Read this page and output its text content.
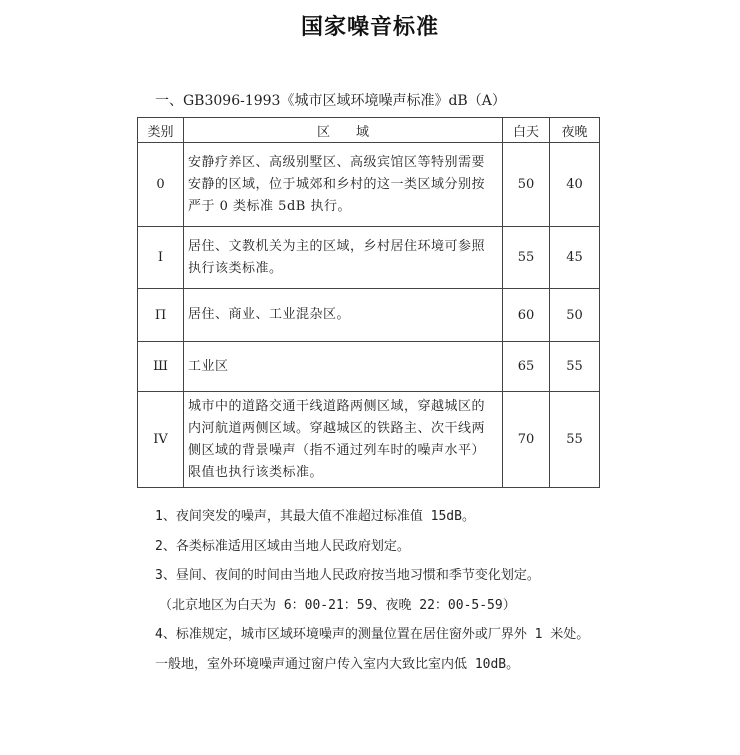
国家噪音标准
一、GB3096-1993《城市区域环境噪声标准》dB（A）
类别	区　　域	白天	夜晚
0	安静疗养区、高级别墅区、高级宾馆区等特别需要安静的区域，位于城郊和乡村的这一类区域分别按严于 0 类标准 5dB 执行。	50	40
I	居住、文教机关为主的区域，乡村居住环境可参照执行该类标准。	55	45
Π	居住、商业、工业混杂区。	60	50
Ш	工业区	65	55
IV	城市中的道路交通干线道路两侧区域，穿越城区的内河航道两侧区域。穿越城区的铁路主、次干线两侧区域的背景噪声（指不通过列车时的噪声水平）限值也执行该类标准。	70	55

1、夜间突发的噪声，其最大值不准超过标准值 15dB。

2、各类标准适用区域由当地人民政府划定。

3、昼间、夜间的时间由当地人民政府按当地习惯和季节变化划定。

（北京地区为白天为 6：00-21：59、夜晚 22：00-5-59）

4、标准规定，城市区域环境噪声的测量位置在居住窗外或厂界外 1 米处。一般地，室外环境噪声通过窗户传入室内大致比室内低 10dB。
